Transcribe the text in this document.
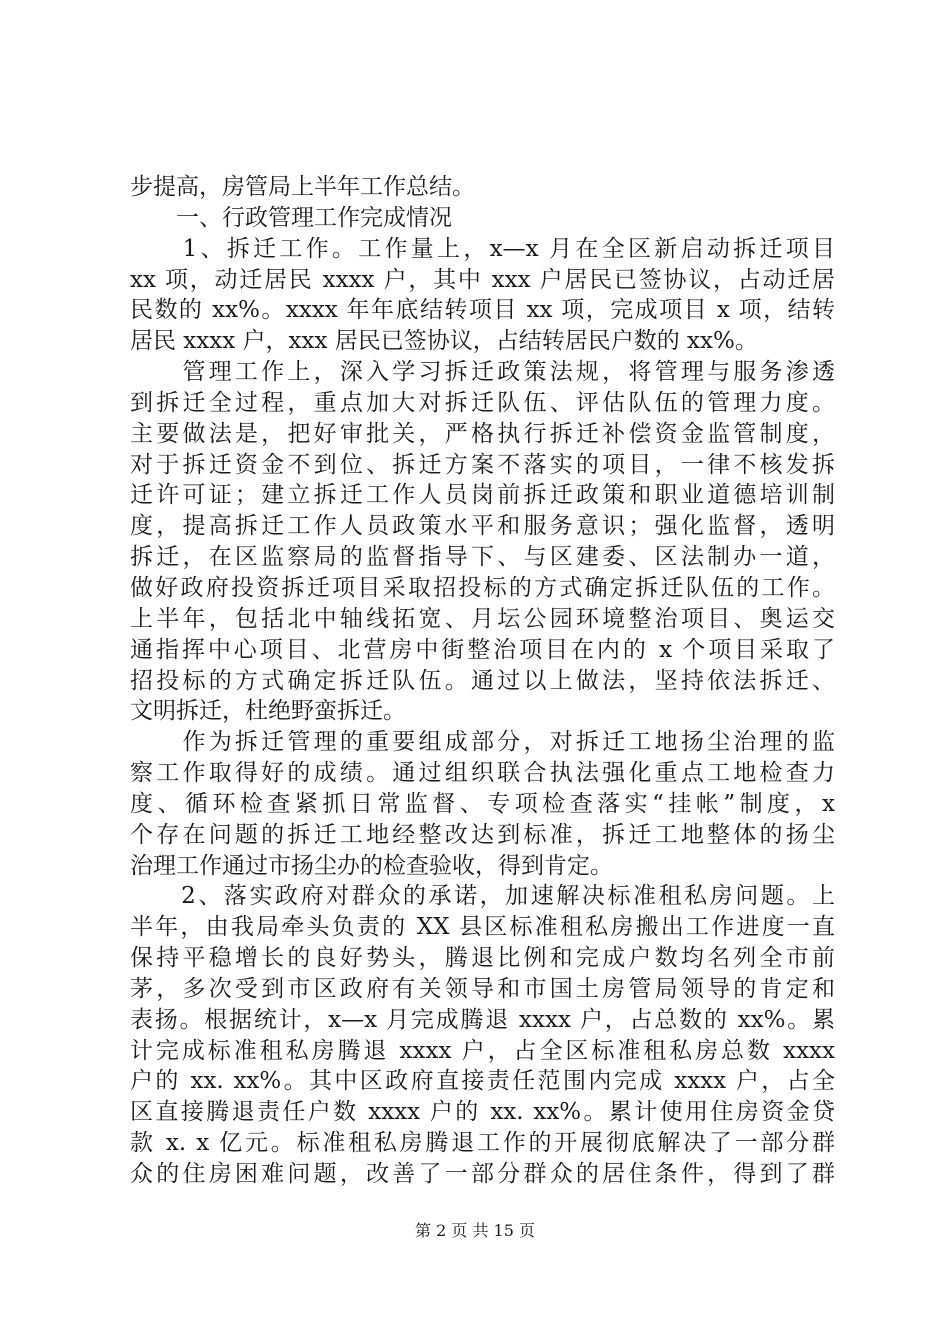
步提高，房管局上半年工作总结。
　　一、行政管理工作完成情况
　　1、拆迁工作。工作量上，x—x 月在全区新启动拆迁项目
xx 项，动迁居民 xxxx 户，其中 xxx 户居民已签协议，占动迁居
民数的 xx%。xxxx 年年底结转项目 xx 项，完成项目 x 项，结转
居民 xxxx 户，xxx 居民已签协议，占结转居民户数的 xx%。
　　管理工作上，深入学习拆迁政策法规，将管理与服务渗透
到拆迁全过程，重点加大对拆迁队伍、评估队伍的管理力度。
主要做法是，把好审批关，严格执行拆迁补偿资金监管制度，
对于拆迁资金不到位、拆迁方案不落实的项目，一律不核发拆
迁许可证；建立拆迁工作人员岗前拆迁政策和职业道德培训制
度，提高拆迁工作人员政策水平和服务意识；强化监督，透明
拆迁，在区监察局的监督指导下、与区建委、区法制办一道，
做好政府投资拆迁项目采取招投标的方式确定拆迁队伍的工作。
上半年，包括北中轴线拓宽、月坛公园环境整治项目、奥运交
通指挥中心项目、北营房中街整治项目在内的 x 个项目采取了
招投标的方式确定拆迁队伍。通过以上做法，坚持依法拆迁、
文明拆迁，杜绝野蛮拆迁。
　　作为拆迁管理的重要组成部分，对拆迁工地扬尘治理的监
察工作取得好的成绩。通过组织联合执法强化重点工地检查力
度、循环检查紧抓日常监督、专项检查落实“挂帐”制度，x
个存在问题的拆迁工地经整改达到标准，拆迁工地整体的扬尘
治理工作通过市扬尘办的检查验收，得到肯定。
　　2、落实政府对群众的承诺，加速解决标准租私房问题。上
半年，由我局牵头负责的 XX 县区标准租私房搬出工作进度一直
保持平稳增长的良好势头，腾退比例和完成户数均名列全市前
茅，多次受到市区政府有关领导和市国土房管局领导的肯定和
表扬。根据统计，x—x 月完成腾退 xxxx 户，占总数的 xx%。累
计完成标准租私房腾退 xxxx 户，占全区标准租私房总数 xxxx
户的 xx. xx%。其中区政府直接责任范围内完成 xxxx 户，占全
区直接腾退责任户数 xxxx 户的 xx. xx%。累计使用住房资金贷
款 x. x 亿元。标准租私房腾退工作的开展彻底解决了一部分群
众的住房困难问题，改善了一部分群众的居住条件，得到了群
第 2 页 共 15 页
